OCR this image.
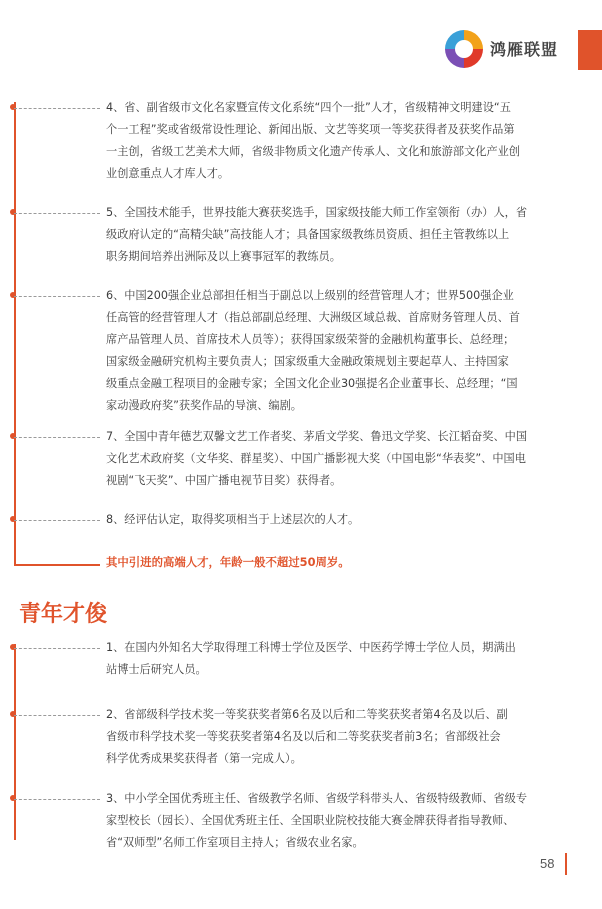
鸿雁联盟
4、省、副省级市文化名家暨宣传文化系统“四个一批”人才，省级精神文明建设“五
个一工程”奖或省级常设性理论、新闻出版、文艺等奖项一等奖获得者及获奖作品第
一主创，省级工艺美术大师，省级非物质文化遗产传承人、文化和旅游部文化产业创
业创意重点人才库人才。
5、全国技术能手，世界技能大赛获奖选手，国家级技能大师工作室领衔（办）人，省
级政府认定的“高精尖缺”高技能人才；具备国家级教练员资质、担任主管教练以上
职务期间培养出洲际及以上赛事冠军的教练员。
6、中国200强企业总部担任相当于副总以上级别的经营管理人才；世界500强企业
任高管的经营管理人才（指总部副总经理、大洲级区域总裁、首席财务管理人员、首
席产品管理人员、首席技术人员等）；获得国家级荣誉的金融机构董事长、总经理；
国家级金融研究机构主要负责人；国家级重大金融政策规划主要起草人、主持国家
级重点金融工程项目的金融专家；全国文化企业30强提名企业董事长、总经理；“国
家动漫政府奖”获奖作品的导演、编剧。
7、全国中青年德艺双馨文艺工作者奖、茅盾文学奖、鲁迅文学奖、长江韬奋奖、中国
文化艺术政府奖（文华奖、群星奖）、中国广播影视大奖（中国电影“华表奖”、中国电
视剧“飞天奖”、中国广播电视节目奖）获得者。
8、经评估认定，取得奖项相当于上述层次的人才。
其中引进的高端人才，年龄一般不超过50周岁。
青年才俊
1、在国内外知名大学取得理工科博士学位及医学、中医药学博士学位人员，期满出
站博士后研究人员。
2、省部级科学技术奖一等奖获奖者第6名及以后和二等奖获奖者第4名及以后、副
省级市科学技术奖一等奖获奖者第4名及以后和二等奖获奖者前3名；省部级社会
科学优秀成果奖获得者（第一完成人）。
3、中小学全国优秀班主任、省级教学名师、省级学科带头人、省级特级教师、省级专
家型校长（园长）、全国优秀班主任、全国职业院校技能大赛金牌获得者指导教师、
省“双师型”名师工作室项目主持人；省级农业名家。
58
